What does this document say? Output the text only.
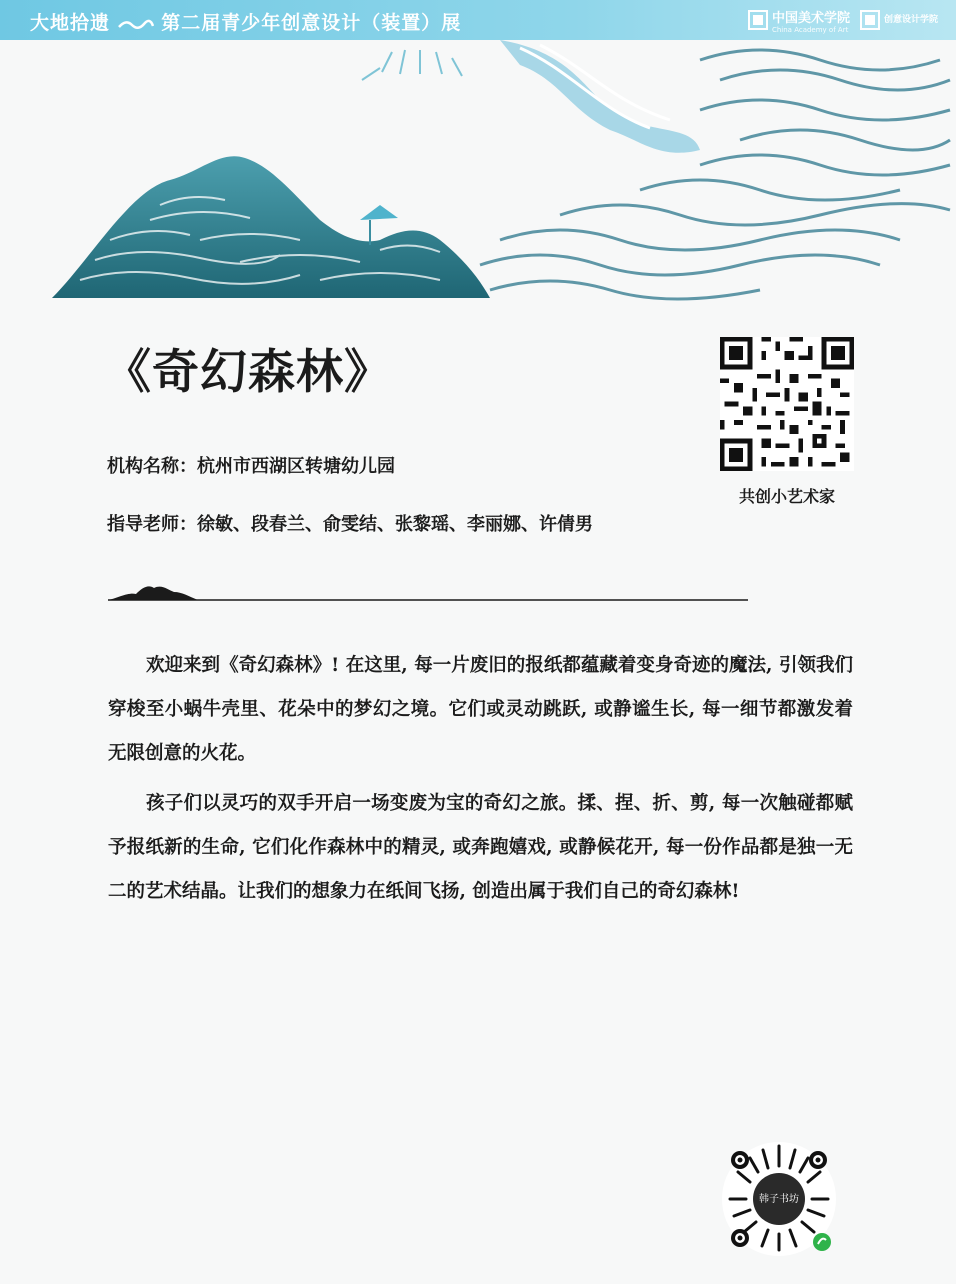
大地拾遗	第二届青少年创意设计（装置）展	中国美术学院
China Academy of Art
创意设计学院
《奇幻森林》
机构名称：杭州市西湖区转塘幼儿园
指导老师：徐敏、段春兰、俞雯结、张黎瑶、李丽娜、许倩男
共创小艺术家
欢迎来到《奇幻森林》! 在这里, 每一片废旧的报纸都蕴藏着变身奇迹的魔法, 引领我们穿梭至小蜗牛壳里、花朵中的梦幻之境。它们或灵动跳跃, 或静谧生长, 每一细节都激发着无限创意的火花。
孩子们以灵巧的双手开启一场变废为宝的奇幻之旅。揉、捏、折、剪, 每一次触碰都赋予报纸新的生命, 它们化作森林中的精灵, 或奔跑嬉戏, 或静候花开, 每一份作品都是独一无二的艺术结晶。让我们的想象力在纸间飞扬, 创造出属于我们自己的奇幻森林!
韩子书坊
